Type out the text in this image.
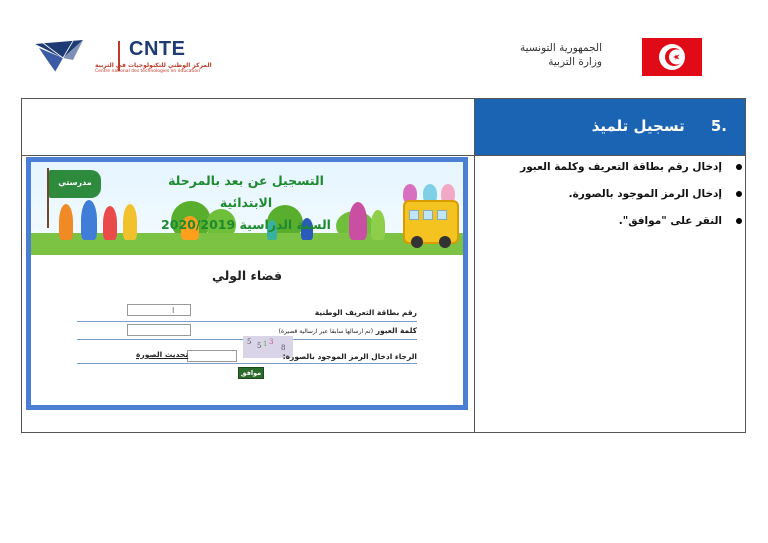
CNTE
المركز الوطني للتكنولوجيات في التربية
Centre national des technologies en éducation
الجمهورية التونسية
وزارة التربية
.5     تسجيل تلميذ
إدخال رقم بطاقة التعريف وكلمة العبور
إدخال الرمز الموجود بالصورة.
النقر على "موافق".
مدرستي	التسجيل عن بعد بالمرحلة الابتدائية
السنة الدراسية 2020/2019
فضاء الولي
رقم بطاقة التعريف الوطنية
I
كلمة العبور (تم ارسالها سابقا عبر ارسالية قصيرة)
5 5 1 3
8
الرجاء ادخال الرمز الموجود بالصورة:
تحديث الصورة
موافق
